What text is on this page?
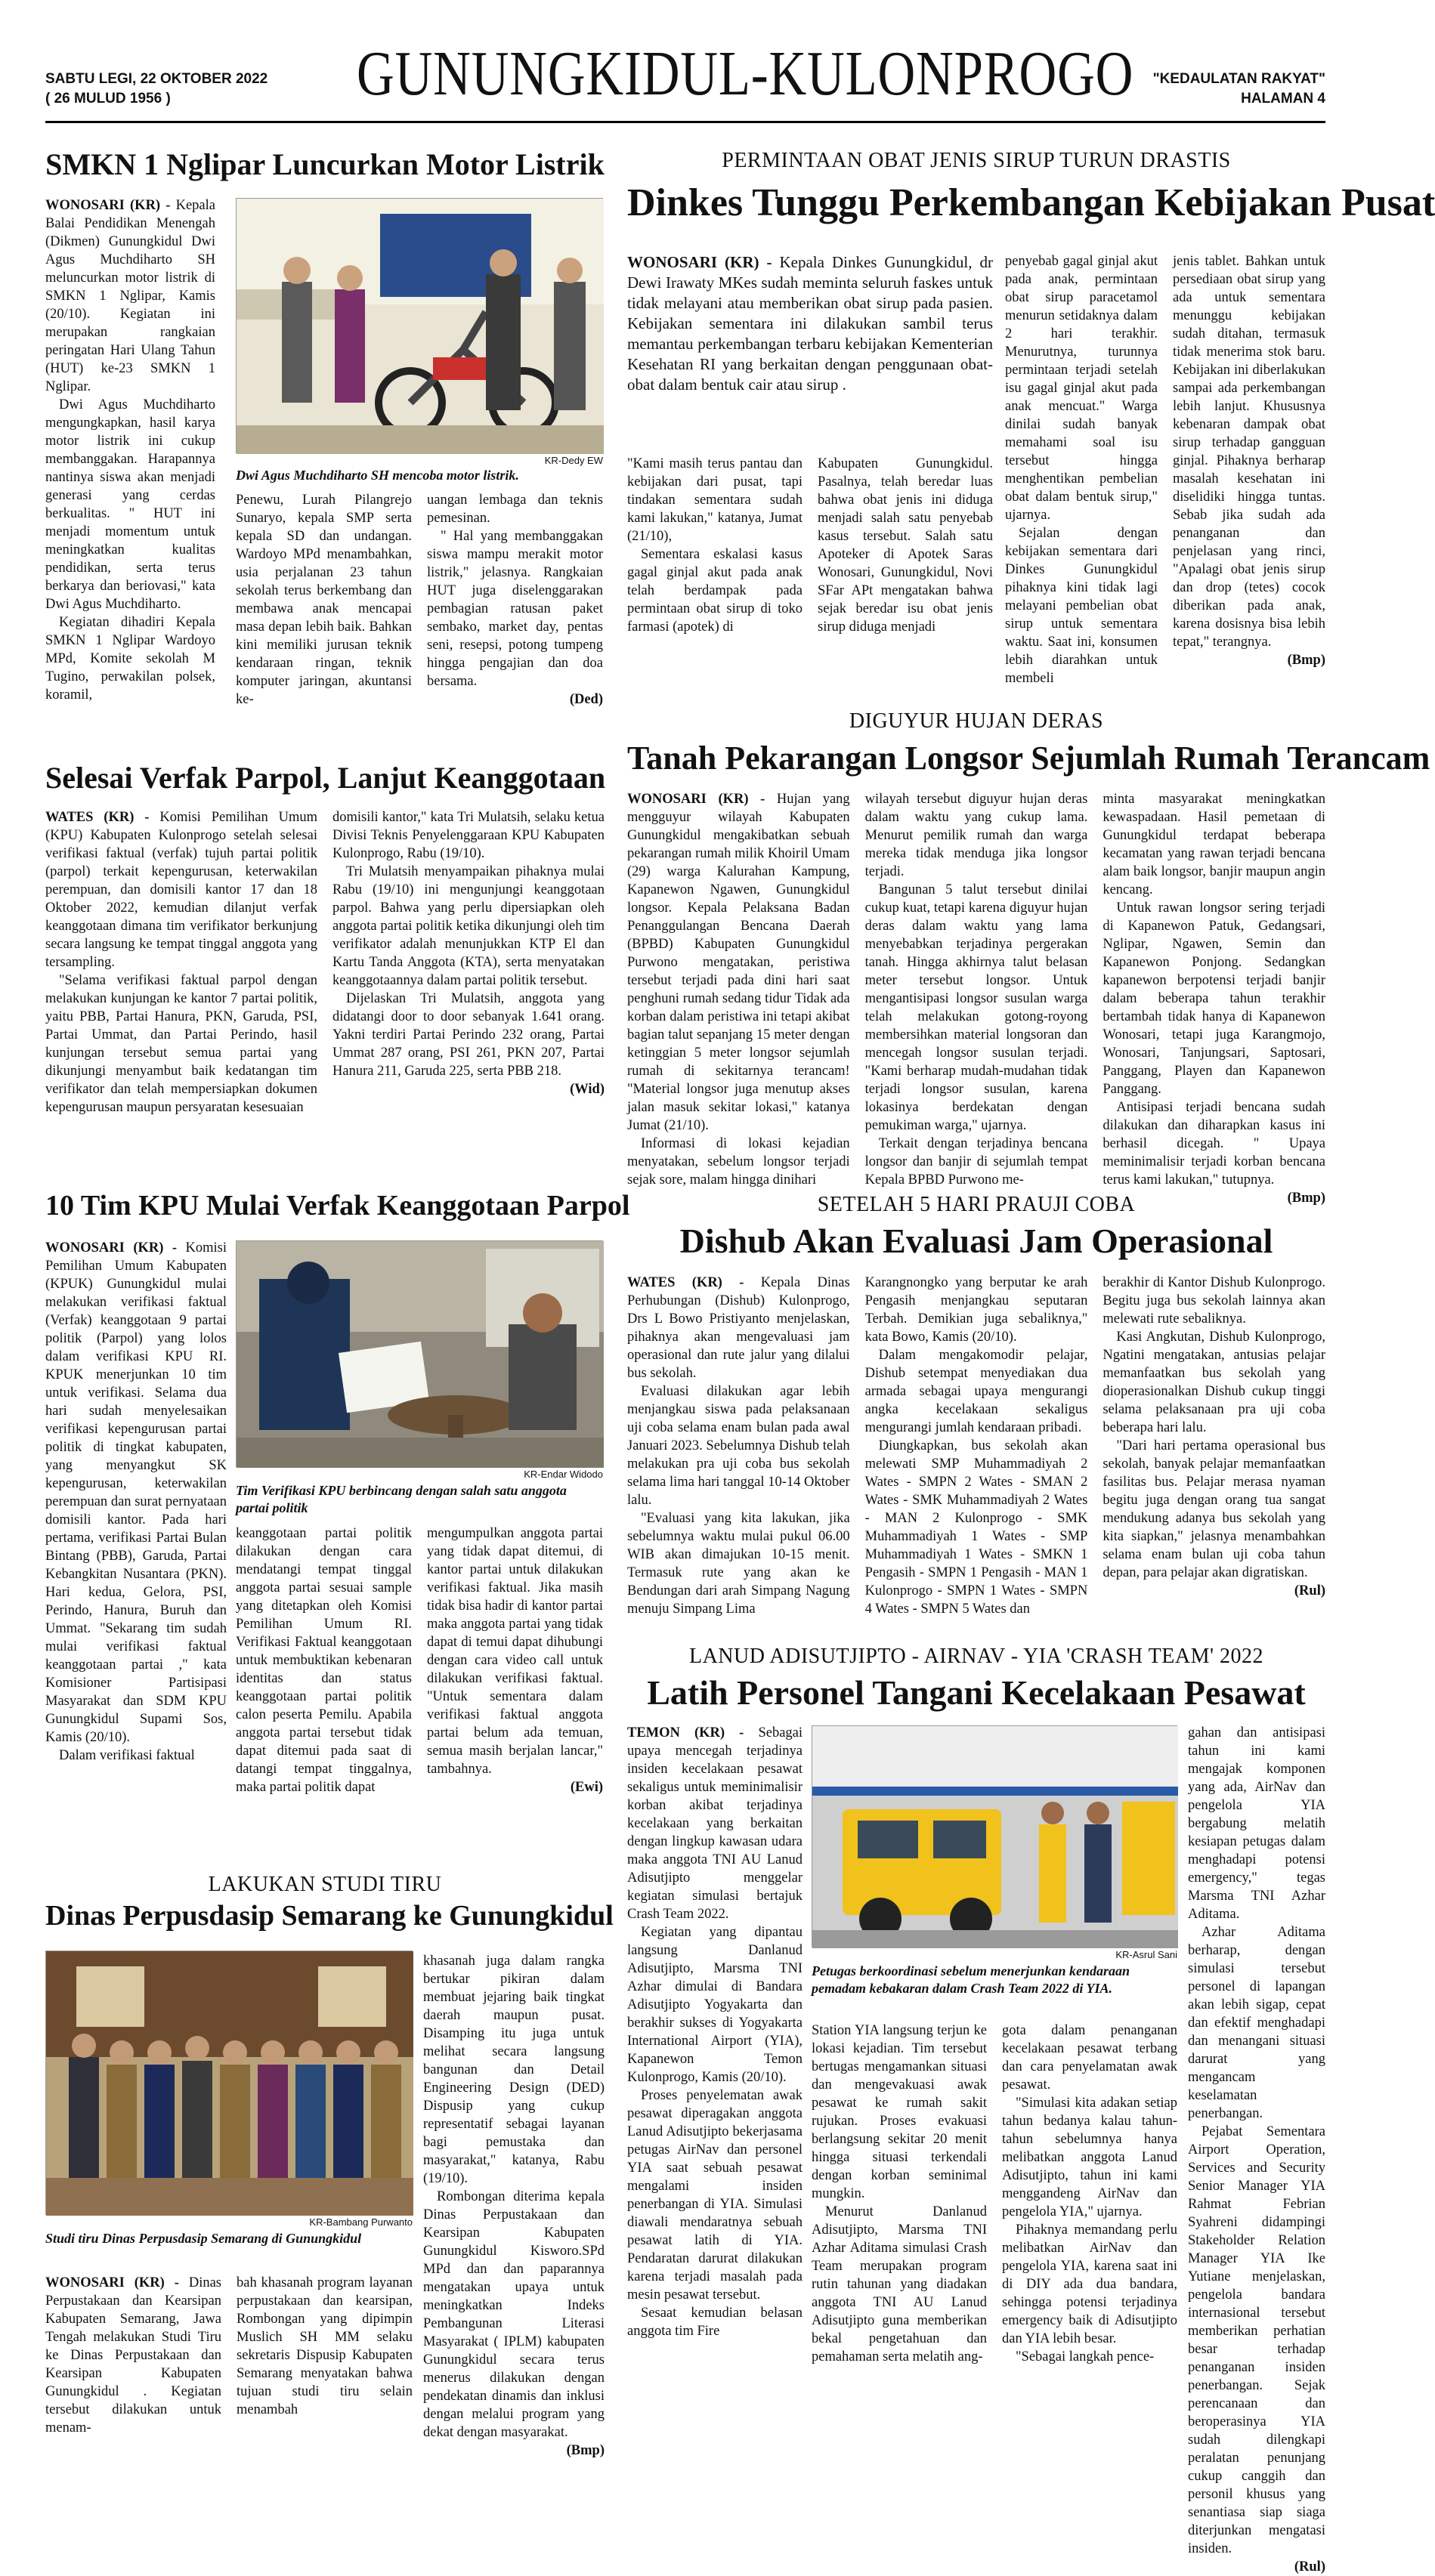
SABTU LEGI, 22 OKTOBER 2022
( 26 MULUD 1956 )	GUNUNGKIDUL-KULONPROGO "KEDAULATAN RAKYAT"
HALAMAN 4
SMKN 1 Nglipar Luncurkan Motor Listrik

WONOSARI (KR) - Kepala Balai Pendidikan Menengah (Dikmen) Gunungkidul Dwi Agus Muchdiharto SH meluncurkan motor listrik di SMKN 1 Nglipar, Kamis (20/10). Kegiatan ini merupakan rangkaian peringatan Hari Ulang Tahun (HUT) ke-23 SMKN 1 Nglipar.

Dwi Agus Muchdiharto mengungkapkan, hasil karya motor listrik ini cukup membanggakan. Harapannya nantinya siswa akan menjadi generasi yang cerdas berkualitas. " HUT ini menjadi momentum untuk meningkatkan kualitas pendidikan, serta terus berkarya dan beriovasi," kata Dwi Agus Muchdiharto.

Kegiatan dihadiri Kepala SMKN 1 Nglipar Wardoyo MPd, Komite sekolah M Tugino, perwakilan polsek, koramil,

KR-Dedy EW
Dwi Agus Muchdiharto SH mencoba motor listrik.

Penewu, Lurah Pilangrejo Sunaryo, kepala SMP serta kepala SD dan undangan. Wardoyo MPd menambahkan, usia perjalanan 23 tahun sekolah terus berkembang dan membawa anak mencapai masa depan lebih baik. Bahkan kini memiliki jurusan teknik kendaraan ringan, teknik komputer jaringan, akuntansi ke-

uangan lembaga dan teknis pemesinan.

" Hal yang membanggakan siswa mampu merakit motor listrik," jelasnya. Rangkaian HUT juga diselenggarakan pembagian ratusan paket sembako, market day, pentas seni, resepsi, potong tumpeng hingga pengajian dan doa bersama.

(Ded)

PERMINTAAN OBAT JENIS SIRUP TURUN DRASTIS
Dinkes Tunggu Perkembangan Kebijakan Pusat

WONOSARI (KR) - Kepala Dinkes Gunungkidul, dr Dewi Irawaty MKes sudah meminta seluruh faskes untuk tidak melayani atau memberikan obat sirup pada pasien. Kebijakan sementara ini dilakukan sambil terus memantau perkembangan terbaru kebijakan Kementerian Kesehatan RI yang berkaitan dengan penggunaan obat-obat dalam bentuk cair atau sirup .

"Kami masih terus pantau dan kebijakan dari pusat, tapi tindakan sementara sudah kami lakukan," katanya, Jumat (21/10),

Sementara eskalasi kasus gagal ginjal akut pada anak telah berdampak pada permintaan obat sirup di toko farmasi (apotek) di

Kabupaten Gunungkidul. Pasalnya, telah beredar luas bahwa obat jenis ini diduga menjadi salah satu penyebab kasus tersebut. Salah satu Apoteker di Apotek Saras Wonosari, Gunungkidul, Novi SFar APt mengatakan bahwa sejak beredar isu obat jenis sirup diduga menjadi

penyebab gagal ginjal akut pada anak, permintaan obat sirup paracetamol menurun setidaknya dalam 2 hari terakhir. Menurutnya, turunnya permintaan terjadi setelah isu gagal ginjal akut pada anak mencuat." Warga dinilai sudah banyak memahami soal isu tersebut hingga menghentikan pembelian obat dalam bentuk sirup," ujarnya.

Sejalan dengan kebijakan sementara dari Dinkes Gunungkidul pihaknya kini tidak lagi melayani pembelian obat sirup untuk sementara waktu. Saat ini, konsumen lebih diarahkan untuk membeli

jenis tablet. Bahkan untuk persediaan obat sirup yang ada untuk sementara menunggu kebijakan sudah ditahan, termasuk tidak menerima stok baru. Kebijakan ini diberlakukan sampai ada perkembangan lebih lanjut. Khususnya kebenaran dampak obat sirup terhadap gangguan ginjal. Pihaknya berharap masalah kesehatan ini diselidiki hingga tuntas. Sebab jika sudah ada penanganan dan penjelasan yang rinci, "Apalagi obat jenis sirup dan drop (tetes) cocok diberikan pada anak, karena dosisnya bisa lebih tepat," terangnya.

(Bmp)

Selesai Verfak Parpol, Lanjut Keanggotaan

WATES (KR) - Komisi Pemilihan Umum (KPU) Kabupaten Kulonprogo setelah selesai verifikasi faktual (verfak) tujuh partai politik (parpol) terkait kepengurusan, keterwakilan perempuan, dan domisili kantor 17 dan 18 Oktober 2022, kemudian dilanjut verfak keanggotaan dimana tim verifikator berkunjung secara langsung ke tempat tinggal anggota yang tersampling.

"Selama verifikasi faktual parpol dengan melakukan kunjungan ke kantor 7 partai politik, yaitu PBB, Partai Hanura, PKN, Garuda, PSI, Partai Ummat, dan Partai Perindo, hasil kunjungan tersebut semua partai yang dikunjungi menyambut baik kedatangan tim verifikator dan telah mempersiapkan dokumen kepengurusan maupun persyaratan kesesuaian

domisili kantor," kata Tri Mulatsih, selaku ketua Divisi Teknis Penyelenggaraan KPU Kabupaten Kulonprogo, Rabu (19/10).

Tri Mulatsih menyampaikan pihaknya mulai Rabu (19/10) ini mengunjungi keanggotaan parpol. Bahwa yang perlu dipersiapkan oleh anggota partai politik ketika dikunjungi oleh tim verifikator adalah menunjukkan KTP El dan Kartu Tanda Anggota (KTA), serta menyatakan keanggotaannya dalam partai politik tersebut.

Dijelaskan Tri Mulatsih, anggota yang didatangi door to door sebanyak 1.641 orang. Yakni terdiri Partai Perindo 232 orang, Partai Ummat 287 orang, PSI 261, PKN 207, Partai Hanura 211, Garuda 225, serta PBB 218.

(Wid)

DIGUYUR HUJAN DERAS
Tanah Pekarangan Longsor Sejumlah Rumah Terancam

WONOSARI (KR) - Hujan yang mengguyur wilayah Kabupaten Gunungkidul mengakibatkan sebuah pekarangan rumah milik Khoiril Umam (29) warga Kalurahan Kampung, Kapanewon Ngawen, Gunungkidul longsor. Kepala Pelaksana Badan Penanggulangan Bencana Daerah (BPBD) Kabupaten Gunungkidul Purwono mengatakan, peristiwa tersebut terjadi pada dini hari saat penghuni rumah sedang tidur Tidak ada korban dalam peristiwa ini tetapi akibat bagian talut sepanjang 15 meter dengan ketinggian 5 meter longsor sejumlah rumah di sekitarnya terancam! "Material longsor juga menutup akses jalan masuk sekitar lokasi," katanya Jumat (21/10).

Informasi di lokasi kejadian menyatakan, sebelum longsor terjadi sejak sore, malam hingga dinihari

wilayah tersebut diguyur hujan deras dalam waktu yang cukup lama. Menurut pemilik rumah dan warga mereka tidak menduga jika longsor terjadi.

Bangunan 5 talut tersebut dinilai cukup kuat, tetapi karena diguyur hujan deras dalam waktu yang lama menyebabkan terjadinya pergerakan tanah. Hingga akhirnya talut belasan meter tersebut longsor. Untuk mengantisipasi longsor susulan warga telah melakukan gotong-royong membersihkan material longsoran dan mencegah longsor susulan terjadi. "Kami berharap mudah-mudahan tidak terjadi longsor susulan, karena lokasinya berdekatan dengan pemukiman warga," ujarnya.

Terkait dengan terjadinya bencana longsor dan banjir di sejumlah tempat Kepala BPBD Purwono me-

minta masyarakat meningkatkan kewaspadaan. Hasil pemetaan di Gunungkidul terdapat beberapa kecamatan yang rawan terjadi bencana alam baik longsor, banjir maupun angin kencang.

Untuk rawan longsor sering terjadi di Kapanewon Patuk, Gedangsari, Nglipar, Ngawen, Semin dan Kapanewon Ponjong. Sedangkan kapanewon berpotensi terjadi banjir dalam beberapa tahun terakhir bertambah tidak hanya di Kapanewon Wonosari, tetapi juga Karangmojo, Wonosari, Tanjungsari, Saptosari, Panggang, Playen dan Kapanewon Panggang.

Antisipasi terjadi bencana sudah dilakukan dan diharapkan kasus ini berhasil dicegah. " Upaya meminimalisir terjadi korban bencana terus kami lakukan," tutupnya.

(Bmp)

10 Tim KPU Mulai Verfak Keanggotaan Parpol

WONOSARI (KR) - Komisi Pemilihan Umum Kabupaten (KPUK) Gunungkidul mulai melakukan verifikasi faktual (Verfak) keanggotaan 9 partai politik (Parpol) yang lolos dalam verifikasi KPU RI. KPUK menerjunkan 10 tim untuk verifikasi. Selama dua hari sudah menyelesaikan verifikasi kepengurusan partai politik di tingkat kabupaten, yang menyangkut SK kepengurusan, keterwakilan perempuan dan surat pernyataan domisili kantor. Pada hari pertama, verifikasi Partai Bulan Bintang (PBB), Garuda, Partai Kebangkitan Nusantara (PKN). Hari kedua, Gelora, PSI, Perindo, Hanura, Buruh dan Ummat. "Sekarang tim sudah mulai verifikasi faktual keanggotaan partai ," kata Komisioner Partisipasi Masyarakat dan SDM KPU Gunungkidul Supami Sos, Kamis (20/10).

Dalam verifikasi faktual

KR-Endar Widodo
Tim Verifikasi KPU berbincang dengan salah satu anggota partai politik

keanggotaan partai politik dilakukan dengan cara mendatangi tempat tinggal anggota partai sesuai sample yang ditetapkan oleh Komisi Pemilihan Umum RI. Verifikasi Faktual keanggotaan untuk membuktikan kebenaran identitas dan status keanggotaan partai politik calon peserta Pemilu. Apabila anggota partai tersebut tidak dapat ditemui pada saat di datangi tempat tinggalnya, maka partai politik dapat

mengumpulkan anggota partai yang tidak dapat ditemui, di kantor partai untuk dilakukan verifikasi faktual. Jika masih tidak bisa hadir di kantor partai maka anggota partai yang tidak dapat di temui dapat dihubungi dengan cara video call untuk dilakukan verifikasi faktual. "Untuk sementara dalam verifikasi faktual anggota partai belum ada temuan, semua masih berjalan lancar," tambahnya.

(Ewi)

SETELAH 5 HARI PRAUJI COBA
Dishub Akan Evaluasi Jam Operasional

WATES (KR) - Kepala Dinas Perhubungan (Dishub) Kulonprogo, Drs L Bowo Pristiyanto menjelaskan, pihaknya akan mengevaluasi jam operasional dan rute jalur yang dilalui bus sekolah.

Evaluasi dilakukan agar lebih menjangkau siswa pada pelaksanaan uji coba selama enam bulan pada awal Januari 2023. Sebelumnya Dishub telah melakukan pra uji coba bus sekolah selama lima hari tanggal 10-14 Oktober lalu.

"Evaluasi yang kita lakukan, jika sebelumnya waktu mulai pukul 06.00 WIB akan dimajukan 10-15 menit. Termasuk rute yang akan ke Bendungan dari arah Simpang Nagung menuju Simpang Lima

Karangnongko yang berputar ke arah Pengasih menjangkau seputaran Terbah. Demikian juga sebaliknya," kata Bowo, Kamis (20/10).

Dalam mengakomodir pelajar, Dishub setempat menyediakan dua armada sebagai upaya mengurangi angka kecelakaan sekaligus mengurangi jumlah kendaraan pribadi.

Diungkapkan, bus sekolah akan melewati SMP Muhammadiyah 2 Wates - SMPN 2 Wates - SMAN 2 Wates - SMK Muhammadiyah 2 Wates - MAN 2 Kulonprogo - SMK Muhammadiyah 1 Wates - SMP Muhammadiyah 1 Wates - SMKN 1 Pengasih - SMPN 1 Pengasih - MAN 1 Kulonprogo - SMPN 1 Wates - SMPN 4 Wates - SMPN 5 Wates dan

berakhir di Kantor Dishub Kulonprogo. Begitu juga bus sekolah lainnya akan melewati rute sebaliknya.

Kasi Angkutan, Dishub Kulonprogo, Ngatini mengatakan, antusias pelajar memanfaatkan bus sekolah yang dioperasionalkan Dishub cukup tinggi selama pelaksanaan pra uji coba beberapa hari lalu.

"Dari hari pertama operasional bus sekolah, banyak pelajar memanfaatkan fasilitas bus. Pelajar merasa nyaman begitu juga dengan orang tua sangat mendukung adanya bus sekolah yang kita siapkan," jelasnya menambahkan selama enam bulan uji coba tahun depan, para pelajar akan digratiskan.

(Rul)

LAKUKAN STUDI TIRU
Dinas Perpusdasip Semarang ke Gunungkidul
KR-Bambang Purwanto
Studi tiru Dinas Perpusdasip Semarang di Gunungkidul

WONOSARI (KR) - Dinas Perpustakaan dan Kearsipan Kabupaten Semarang, Jawa Tengah melakukan Studi Tiru ke Dinas Perpustakaan dan Kearsipan Kabupaten Gunungkidul . Kegiatan tersebut dilakukan untuk menam-

bah khasanah program layanan perpustakaan dan kearsipan, Rombongan yang dipimpin Muslich SH MM selaku sekretaris Dispusip Kabupaten Semarang menyatakan bahwa tujuan studi tiru selain menambah

khasanah juga dalam rangka bertukar pikiran dalam membuat jejaring baik tingkat daerah maupun pusat. Disamping itu juga untuk melihat secara langsung bangunan dan Detail Engineering Design (DED) Dispusip yang cukup representatif sebagai layanan bagi pemustaka dan masyarakat," katanya, Rabu (19/10).

Rombongan diterima kepala Dinas Perpustakaan dan Kearsipan Kabupaten Gunungkidul Kisworo.SPd MPd dan dan paparannya mengatakan upaya untuk meningkatkan Indeks Pembangunan Literasi Masyarakat ( IPLM) kabupaten Gunungkidul secara terus menerus dilakukan dengan pendekatan dinamis dan inklusi dengan melalui program yang dekat dengan masyarakat.

(Bmp)

LANUD ADISUTJIPTO - AIRNAV - YIA 'CRASH TEAM' 2022
Latih Personel Tangani Kecelakaan Pesawat

TEMON (KR) - Sebagai upaya mencegah terjadinya insiden kecelakaan pesawat sekaligus untuk meminimalisir korban akibat terjadinya kecelakaan yang berkaitan dengan lingkup kawasan udara maka anggota TNI AU Lanud Adisutjipto menggelar kegiatan simulasi bertajuk Crash Team 2022.

Kegiatan yang dipantau langsung Danlanud Adisutjipto, Marsma TNI Azhar dimulai di Bandara Adisutjipto Yogyakarta dan berakhir sukses di Yogyakarta International Airport (YIA), Kapanewon Temon Kulonprogo, Kamis (20/10).

Proses penyelematan awak pesawat diperagakan anggota Lanud Adisutjipto bekerjasama petugas AirNav dan personel YIA saat sebuah pesawat mengalami insiden penerbangan di YIA. Simulasi diawali mendaratnya sebuah pesawat latih di YIA. Pendaratan darurat dilakukan karena terjadi masalah pada mesin pesawat tersebut.

Sesaat kemudian belasan anggota tim Fire

KR-Asrul Sani
Petugas berkoordinasi sebelum menerjunkan kendaraan pemadam kebakaran dalam Crash Team 2022 di YIA.

Station YIA langsung terjun ke lokasi kejadian. Tim tersebut bertugas mengamankan situasi dan mengevakuasi awak pesawat ke rumah sakit rujukan. Proses evakuasi berlangsung sekitar 20 menit hingga situasi terkendali dengan korban seminimal mungkin.

Menurut Danlanud Adisutjipto, Marsma TNI Azhar Aditama simulasi Crash Team merupakan program rutin tahunan yang diadakan anggota TNI AU Lanud Adisutjipto guna memberikan bekal pengetahuan dan pemahaman serta melatih ang-

gota dalam penanganan kecelakaan pesawat terbang dan cara penyelamatan awak pesawat.

"Simulasi kita adakan setiap tahun bedanya kalau tahun-tahun sebelumnya hanya melibatkan anggota Lanud Adisutjipto, tahun ini kami menggandeng AirNav dan pengelola YIA," ujarnya.

Pihaknya memandang perlu melibatkan AirNav dan pengelola YIA, karena saat ini di DIY ada dua bandara, sehingga potensi terjadinya emergency baik di Adisutjipto dan YIA lebih besar.

"Sebagai langkah pence-

gahan dan antisipasi tahun ini kami mengajak komponen yang ada, AirNav dan pengelola YIA bergabung melatih kesiapan petugas dalam menghadapi potensi emergency," tegas Marsma TNI Azhar Aditama.

Azhar Aditama berharap, dengan simulasi tersebut personel di lapangan akan lebih sigap, cepat dan efektif menghadapi dan menangani situasi darurat yang mengancam keselamatan penerbangan.

Pejabat Sementara Airport Operation, Services and Security Senior Manager YIA Rahmat Febrian Syahreni didampingi Stakeholder Relation Manager YIA Ike Yutiane menjelaskan, pengelola bandara internasional tersebut memberikan perhatian besar terhadap penanganan insiden penerbangan. Sejak perencanaan dan beroperasinya YIA sudah dilengkapi peralatan penunjang cukup canggih dan personil khusus yang senantiasa siap siaga diterjunkan mengatasi insiden.

(Rul)
